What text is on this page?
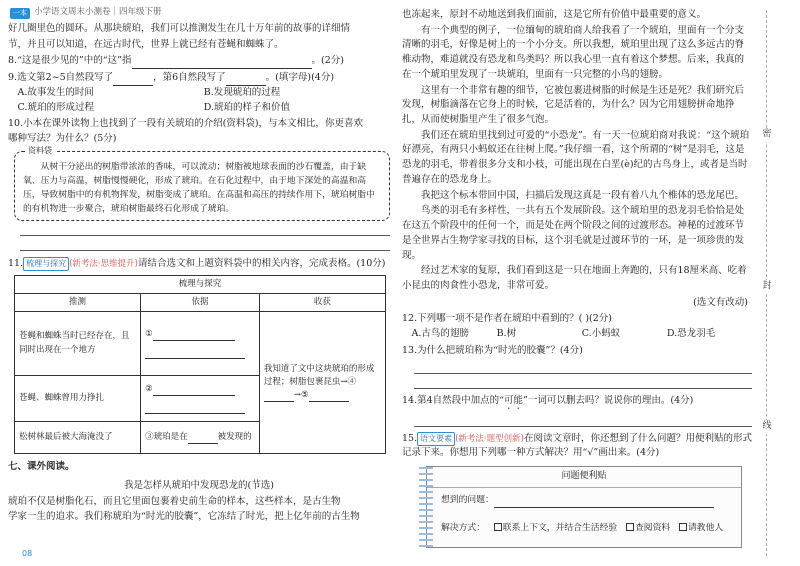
一本 小学语文周末小测卷｜四年级下册
好几圈里色的圆环。从那块琥珀，我们可以推测发生在几十万年前的故事的详细情
节，并且可以知道，在远古时代，世界上就已经有苍蝇和蜘蛛了。
8.“这是很少见的”中的“这”指	。(2分)
9.选文第2~5自然段写了	，第6自然段写了	。(填字母)(4分)
A.故事发生的时间	B.发现琥珀的过程
C.琥珀的形成过程	D.琥珀的样子和价值
10.小本在课外读物上也找到了一段有关琥珀的介绍(资料袋)，与本文相比，你更喜欢
哪种写法？为什么？(5分)
资料袋
从树干分泌出的树脂带浓浓的香味，可以流动；树脂被地球表面的沙石覆盖，由于缺氧、压力与高温，树脂慢慢硬化，形成了琥珀。在石化过程中，由于地下深处的高温和高压，导致树脂中的有机物挥发，树脂变成了琥珀。在高温和高压的持续作用下，琥珀树脂中的有机物进一步聚合，琥珀树脂最终石化形成了琥珀。
11. 梳理与探究 (新考法·思维提升)请结合选文和上题资料袋中的相关内容，完成表格。(10分)
梳理与探究		
推测	依据	收获
苍蝇和蜘蛛当时已经存在，且同时出现在一个地方	①	我知道了文中这块琥珀的形成过程；树脂包裹昆虫→④→⑤
苍蝇、蜘蛛曾用力挣扎	②	

松树林最后被大海淹没了	③琥珀是在 被发现的	
七、课外阅读。
我是怎样从琥珀中发现恐龙的(节选)
琥珀不仅是树脂化石，而且它里面包裹着史前生命的样本，这些样本，是古生物
学家一生的追求。我们称琥珀为“时光的胶囊”，它冻结了时光，把上亿年前的古生物
08
也冻起来，原封不动地送到我们面前，这是它所有价值中最重要的意义。
有一个典型的例子，一位缅甸的琥珀商人给我看了一个琥珀，里面有一个分支清晰的羽毛，好像是树上的一个小分支。所以我想，琥珀里出现了这么多远古的脊椎动物，难道就没有恐龙和鸟类吗？所以我心里一直有着这个梦想。后来，我真的在一个琥珀里发现了一块琥珀，里面有一只完整的小鸟的翅膀。
这里有一个非常有趣的细节，它被包裹进树脂的时候是生还是死？我们研究后发现，树脂滴落在它身上的时候，它是活着的，为什么？因为它用翅膀拼命地挣扎，从而使树脂里产生了很多气泡。
我们还在琥珀里找到过可爱的“小恐龙”。有一天一位琥珀商对我说：“这个琥珀好漂亮，有两只小蚂蚁还在往树上爬。”我仔细一看，这个所谓的“树”是羽毛，这是恐龙的羽毛，带着很多分支和小枝，可能出现在白垩(è)纪的古鸟身上，或者是当时普遍存在的恐龙身上。
我把这个标本带回中国，扫描后发现这真是一段有着八九个椎体的恐龙尾巴。
鸟类的羽毛有多样性，一共有五个发展阶段。这个琥珀里的恐龙羽毛恰恰是处在这五个阶段中的任何一个，而是处在两个阶段之间的过渡形态。神秘的过渡环节是全世界古生物学家寻找的目标，这个羽毛就是过渡环节的一环，是一项珍贵的发现。
经过艺术家的复原，我们看到这是一只在地面上奔跑的，只有18厘米高、吃着小昆虫的肉食性小恐龙，非常可爱。
(选文有改动)
12.下列哪一项不是作者在琥珀中看到的？( )(2分)
A.古鸟的翅膀	B.树	C.小蚂蚁	D.恐龙羽毛
13.为什么把琥珀称为“时光的胶囊”？(4分)
14.第4自然段中加点的“可能”一词可以删去吗？说说你的理由。(4分)
15. 语文要素 (新考法·题型创新)在阅读文章时，你还想到了什么问题？用便利贴的形式记录下来。你想用下列哪一种方式解决？用“√”画出来。(4分)
问题便利贴
想到的问题：
解决方式： 联系上下文，并结合生活经验 查阅资料 请教他人
密
封
线
